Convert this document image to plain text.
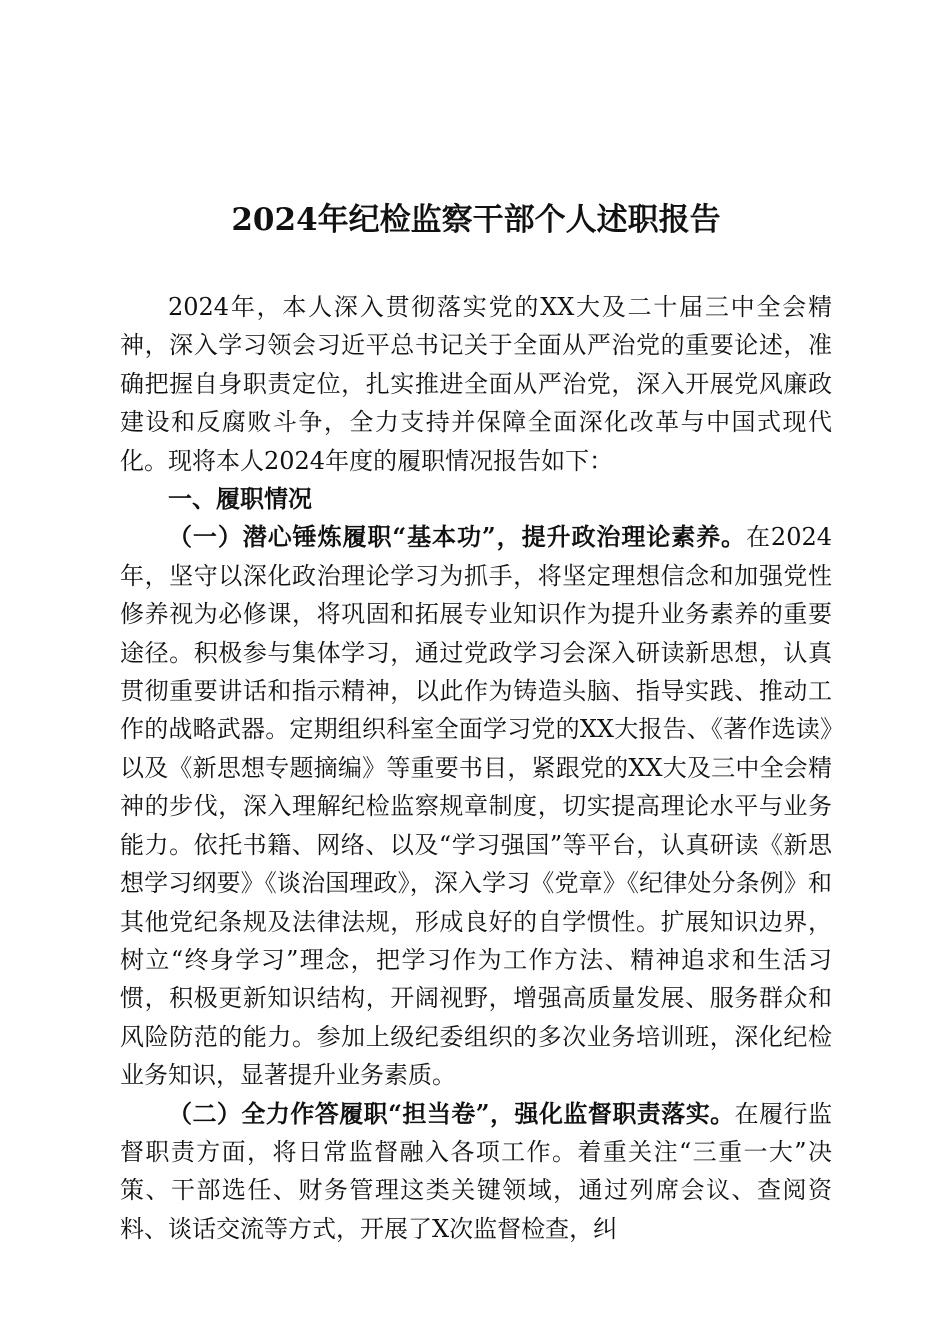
2024年纪检监察干部个人述职报告

2024年，本人深入贯彻落实党的XX大及二十届三中全会精神，深入学习领会习近平总书记关于全面从严治党的重要论述，准确把握自身职责定位，扎实推进全面从严治党，深入开展党风廉政建设和反腐败斗争，全力支持并保障全面深化改革与中国式现代化。现将本人2024年度的履职情况报告如下：

一、履职情况

（一）潜心锤炼履职“基本功”，提升政治理论素养。在2024年，坚守以深化政治理论学习为抓手，将坚定理想信念和加强党性修养视为必修课，将巩固和拓展专业知识作为提升业务素养的重要途径。积极参与集体学习，通过党政学习会深入研读新思想，认真贯彻重要讲话和指示精神，以此作为铸造头脑、指导实践、推动工作的战略武器。定期组织科室全面学习党的XX大报告、《著作选读》以及《新思想专题摘编》等重要书目，紧跟党的XX大及三中全会精神的步伐，深入理解纪检监察规章制度，切实提高理论水平与业务能力。依托书籍、网络、以及“学习强国”等平台，认真研读《新思想学习纲要》《谈治国理政》，深入学习《党章》《纪律处分条例》和其他党纪条规及法律法规，形成良好的自学惯性。扩展知识边界，树立“终身学习”理念，把学习作为工作方法、精神追求和生活习惯，积极更新知识结构，开阔视野，增强高质量发展、服务群众和风险防范的能力。参加上级纪委组织的多次业务培训班，深化纪检业务知识，显著提升业务素质。

（二）全力作答履职“担当卷”，强化监督职责落实。在履行监督职责方面，将日常监督融入各项工作。着重关注“三重一大”决策、干部选任、财务管理这类关键领域，通过列席会议、查阅资料、谈话交流等方式，开展了X次监督检查，纠
